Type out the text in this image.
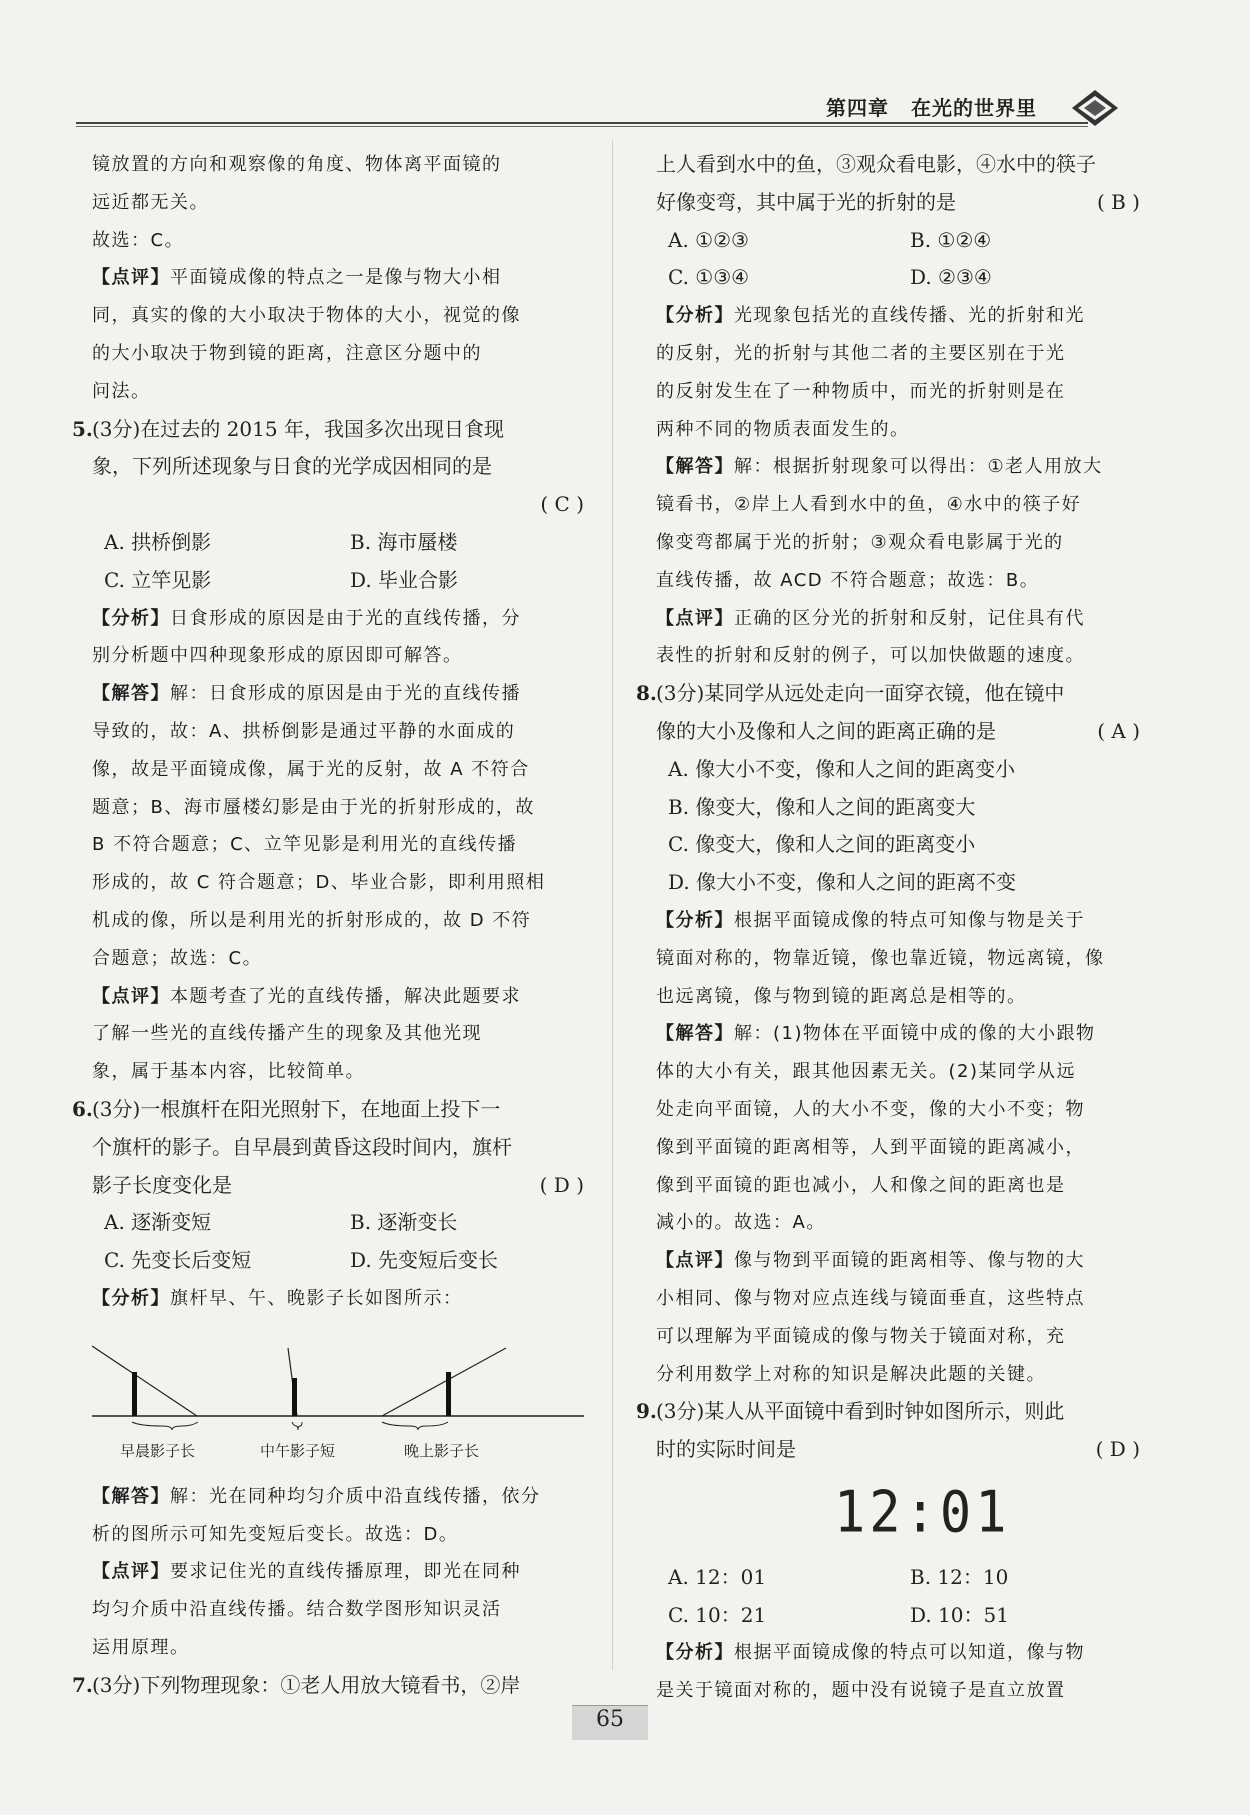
第四章 在光的世界里
镜放置的方向和观察像的角度、物体离平面镜的
远近都无关。
故选：C。
【点评】平面镜成像的特点之一是像与物大小相
同，真实的像的大小取决于物体的大小，视觉的像
的大小取决于物到镜的距离，注意区分题中的
问法。
5. (3分)在过去的 2015 年，我国多次出现日食现
象，下列所述现象与日食的光学成因相同的是
( C )

A. 拱桥倒影	B. 海市蜃楼
C. 立竿见影	D. 毕业合影
【分析】日食形成的原因是由于光的直线传播，分
别分析题中四种现象形成的原因即可解答。
【解答】解：日食形成的原因是由于光的直线传播
导致的，故：A、拱桥倒影是通过平静的水面成的
像，故是平面镜成像，属于光的反射，故 A 不符合
题意；B、海市蜃楼幻影是由于光的折射形成的，故
B 不符合题意；C、立竿见影是利用光的直线传播
形成的，故 C 符合题意；D、毕业合影，即利用照相
机成的像，所以是利用光的折射形成的，故 D 不符
合题意；故选：C。
【点评】本题考查了光的直线传播，解决此题要求
了解一些光的直线传播产生的现象及其他光现
象，属于基本内容，比较简单。
6. (3分)一根旗杆在阳光照射下，在地面上投下一
个旗杆的影子。自早晨到黄昏这段时间内，旗杆
影子长度变化是	( D )
A. 逐渐变短	B. 逐渐变长
C. 先变长后变短	D. 先变短后变长
【分析】旗杆早、午、晚影子长如图所示：
早晨影子长	中午影子短	晚上影子长
【解答】解：光在同种均匀介质中沿直线传播，依分
析的图所示可知先变短后变长。故选：D。
【点评】要求记住光的直线传播原理，即光在同种
均匀介质中沿直线传播。结合数学图形知识灵活
运用原理。
7. (3分)下列物理现象：①老人用放大镜看书，②岸
上人看到水中的鱼，③观众看电影，④水中的筷子
好像变弯，其中属于光的折射的是	( B )
A. ①②③	B. ①②④
C. ①③④	D. ②③④
【分析】光现象包括光的直线传播、光的折射和光
的反射，光的折射与其他二者的主要区别在于光
的反射发生在了一种物质中，而光的折射则是在
两种不同的物质表面发生的。
【解答】解：根据折射现象可以得出：①老人用放大
镜看书，②岸上人看到水中的鱼，④水中的筷子好
像变弯都属于光的折射；③观众看电影属于光的
直线传播，故 ACD 不符合题意；故选：B。
【点评】正确的区分光的折射和反射，记住具有代
表性的折射和反射的例子，可以加快做题的速度。
8. (3分)某同学从远处走向一面穿衣镜，他在镜中
像的大小及像和人之间的距离正确的是	( A )
A. 像大小不变，像和人之间的距离变小
B. 像变大，像和人之间的距离变大
C. 像变大，像和人之间的距离变小
D. 像大小不变，像和人之间的距离不变
【分析】根据平面镜成像的特点可知像与物是关于
镜面对称的，物靠近镜，像也靠近镜，物远离镜，像
也远离镜，像与物到镜的距离总是相等的。
【解答】解：(1)物体在平面镜中成的像的大小跟物
体的大小有关，跟其他因素无关。(2)某同学从远
处走向平面镜，人的大小不变，像的大小不变；物
像到平面镜的距离相等，人到平面镜的距离减小，
像到平面镜的距也减小，人和像之间的距离也是
减小的。故选：A。
【点评】像与物到平面镜的距离相等、像与物的大
小相同、像与物对应点连线与镜面垂直，这些特点
可以理解为平面镜成的像与物关于镜面对称，充
分利用数学上对称的知识是解决此题的关键。
9. (3分)某人从平面镜中看到时钟如图所示，则此
时的实际时间是	( D )
12:01
A. 12：01	B. 12：10
C. 10：21	D. 10：51
【分析】根据平面镜成像的特点可以知道，像与物
是关于镜面对称的，题中没有说镜子是直立放置
65
